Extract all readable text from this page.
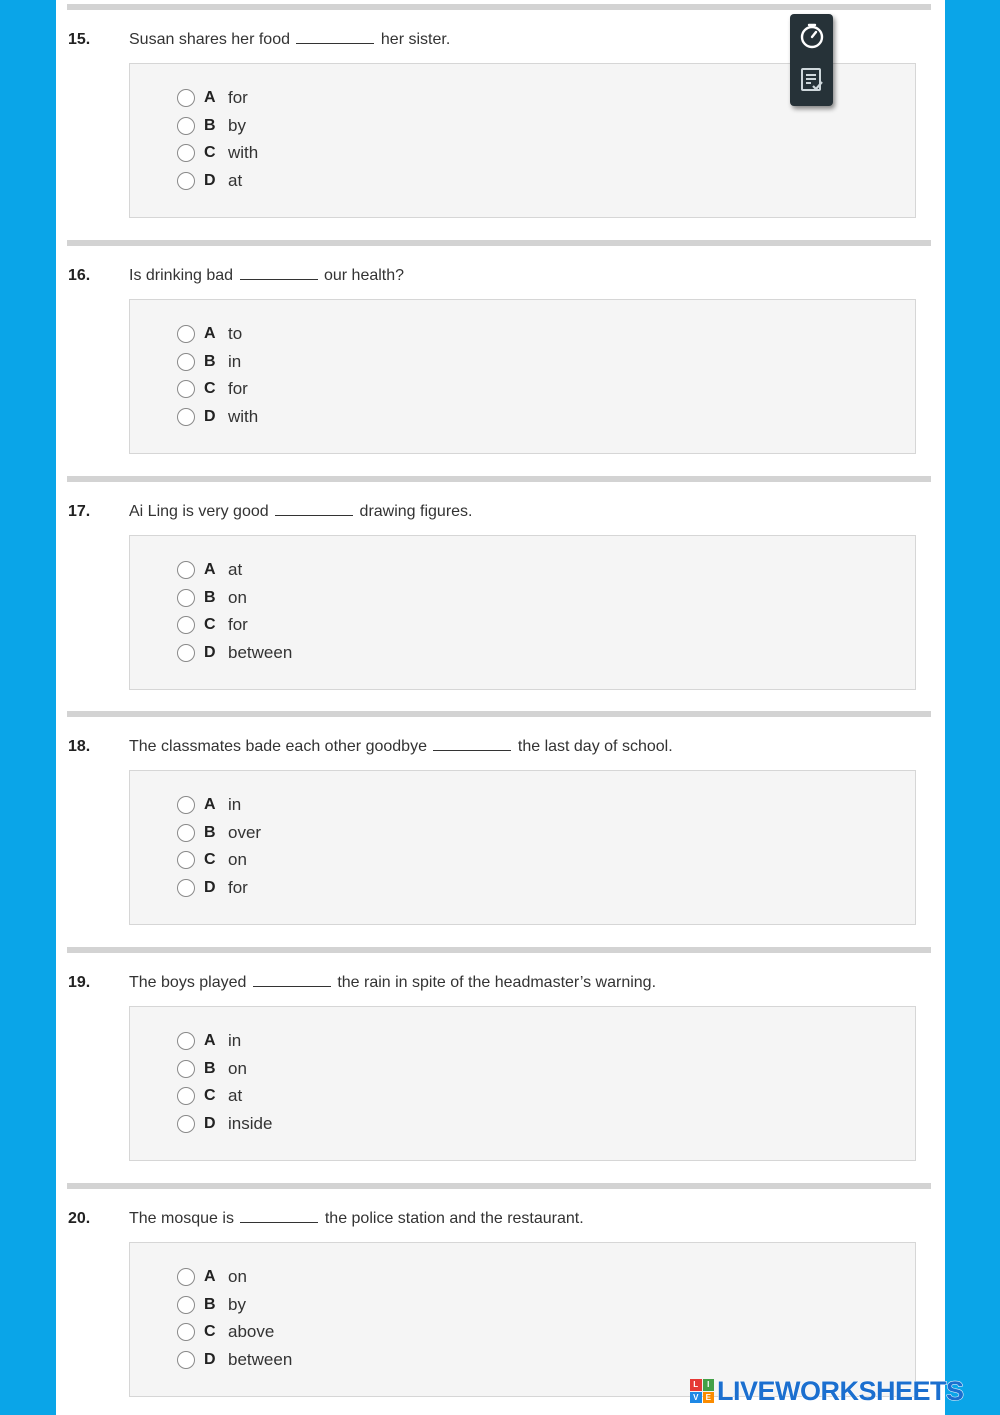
15. Susan shares her food	her sister.
A for
B by
C with
D at
16. Is drinking bad	our health?
A to
B in
C for
D with
17. Ai Ling is very good	drawing figures.
A at
B on
C for
D between
18. The classmates bade each other goodbye	the last day of school.
A in
B over
C on
D for
19. The boys played	the rain in spite of the headmaster’s warning.
A in
B on
C at
D inside
20. The mosque is	the police station and the restaurant.
A on
B by
C above
D between
L	I
V E LIVEWORKSHEETS
